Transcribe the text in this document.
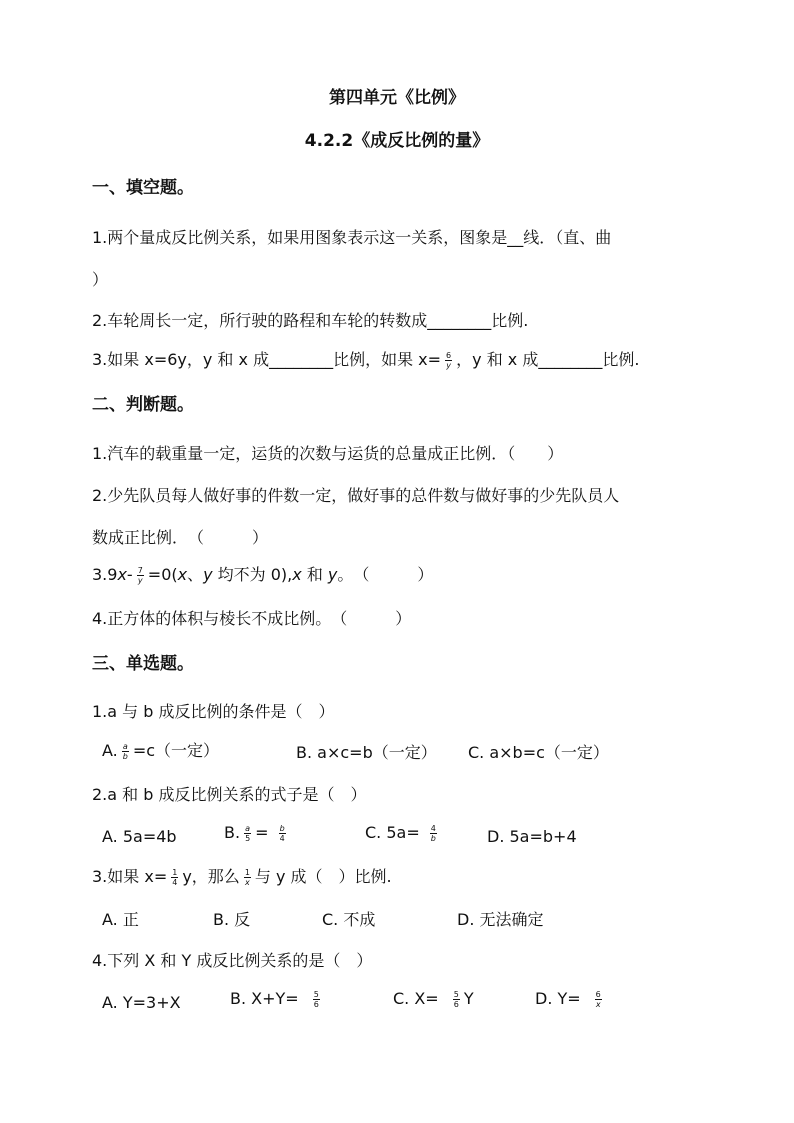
第四单元《比例》
4.2.2《成反比例的量》
一、填空题。
1.两个量成反比例关系，如果用图象表示这一关系，图象是__线．（直、曲
）
2.车轮周长一定，所行驶的路程和车轮的转数成________比例.
3.如果 x=6y，y 和 x 成________比例，如果 $x= \frac{6}{y}$ ，y 和 x 成________比例.
二、判断题。
1.汽车的载重量一定，运货的次数与运货的总量成正比例．（　　）
2.少先队员每人做好事的件数一定，做好事的总件数与做好事的少先队员人
数成正比例．　（　　　）
$3.9x- \frac{7}{y} =0(x$、y 均不为 0),x 和 y。　（　　　）
4.正方体的体积与棱长不成比例。　（　　　）
三、单选题。
1.a 与 b 成反比例的条件是（　）
A. $\frac{a}{b} =c$（一定）	B. a×c=b（一定） C. a×b=c（一定）
2.a 和 b 成反比例关系的式子是（　）
A. 5a=4b	B. $\frac{a}{5} = \frac{b}{4}$	C. $5a= \frac{4}{b}$	D. 5a=b+4
3.如果 $x= \frac{1}{4}$ y，那么 $\frac{1}{x}$ 与 y 成（　）比例.
A. 正	B. 反	C. 不成	D. 无法确定
4.下列 X 和 Y 成反比例关系的是（　）
A. Y=3+X	B. $X+Y= \frac{5}{6}$	C. $X= \frac{5}{6}$ Y	D. $Y= \frac{6}{x}$
